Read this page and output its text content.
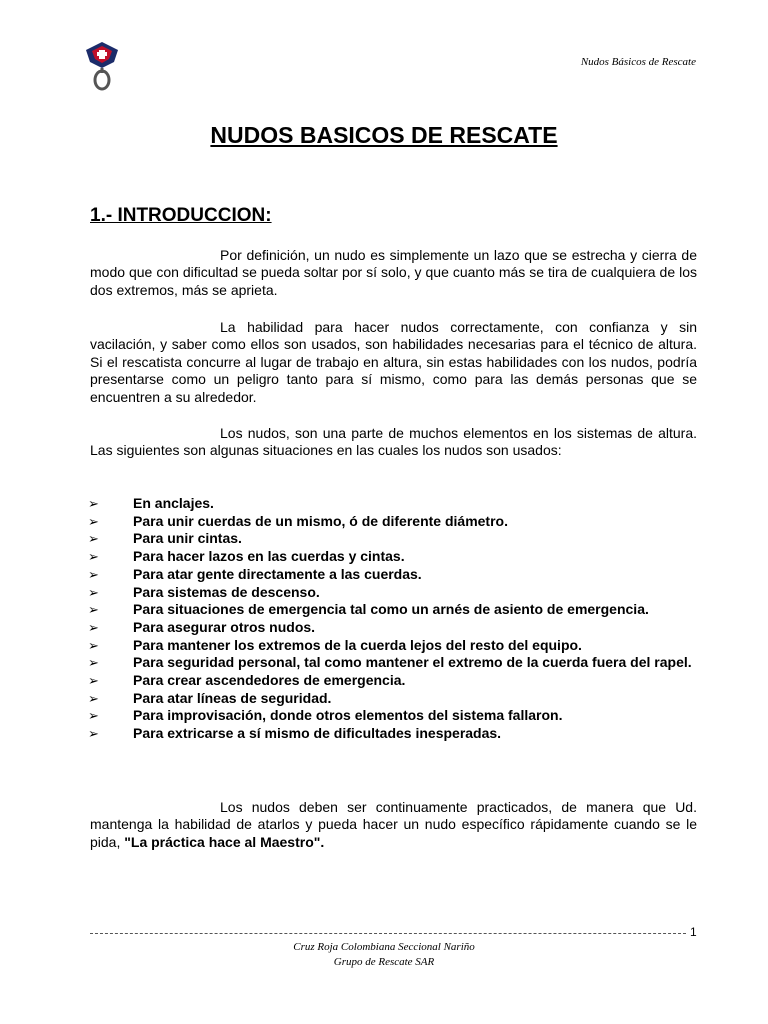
Nudos Básicos de Rescate
NUDOS BASICOS DE RESCATE
1.- INTRODUCCION:

Por definición, un nudo es simplemente un lazo que se estrecha y cierra de modo que con dificultad se pueda soltar por sí solo, y que cuanto más se tira de cualquiera de los dos extremos, más se aprieta.

La habilidad para hacer nudos correctamente, con confianza y sin vacilación, y saber como ellos son usados, son habilidades necesarias para el técnico de altura. Si el rescatista concurre al lugar de trabajo en altura, sin estas habilidades con los nudos, podría presentarse como un peligro tanto para sí mismo, como para las demás personas que se encuentren a su alrededor.

Los nudos, son una parte de muchos elementos en los sistemas de altura. Las siguientes son algunas situaciones en las cuales los nudos son usados:

➢ En anclajes.
➢ Para unir cuerdas de un mismo, ó de diferente diámetro.
➢ Para unir cintas.
➢ Para hacer lazos en las cuerdas y cintas.
➢ Para atar gente directamente a las cuerdas.
➢ Para sistemas de descenso.
➢ Para situaciones de emergencia tal como un arnés de asiento de emergencia.
➢ Para asegurar otros nudos.
➢ Para mantener los extremos de la cuerda lejos del resto del equipo.
➢ Para seguridad personal, tal como mantener el extremo de la cuerda fuera del rapel.
➢ Para crear ascendedores de emergencia.
➢ Para atar líneas de seguridad.
➢ Para improvisación, donde otros elementos del sistema fallaron.
➢ Para extricarse a sí mismo de dificultades inesperadas.

Los nudos deben ser continuamente practicados, de manera que Ud. mantenga la habilidad de atarlos y pueda hacer un nudo específico rápidamente cuando se le pida, "La práctica hace al Maestro".

1
Cruz Roja Colombiana Seccional Nariño
Grupo de Rescate SAR
